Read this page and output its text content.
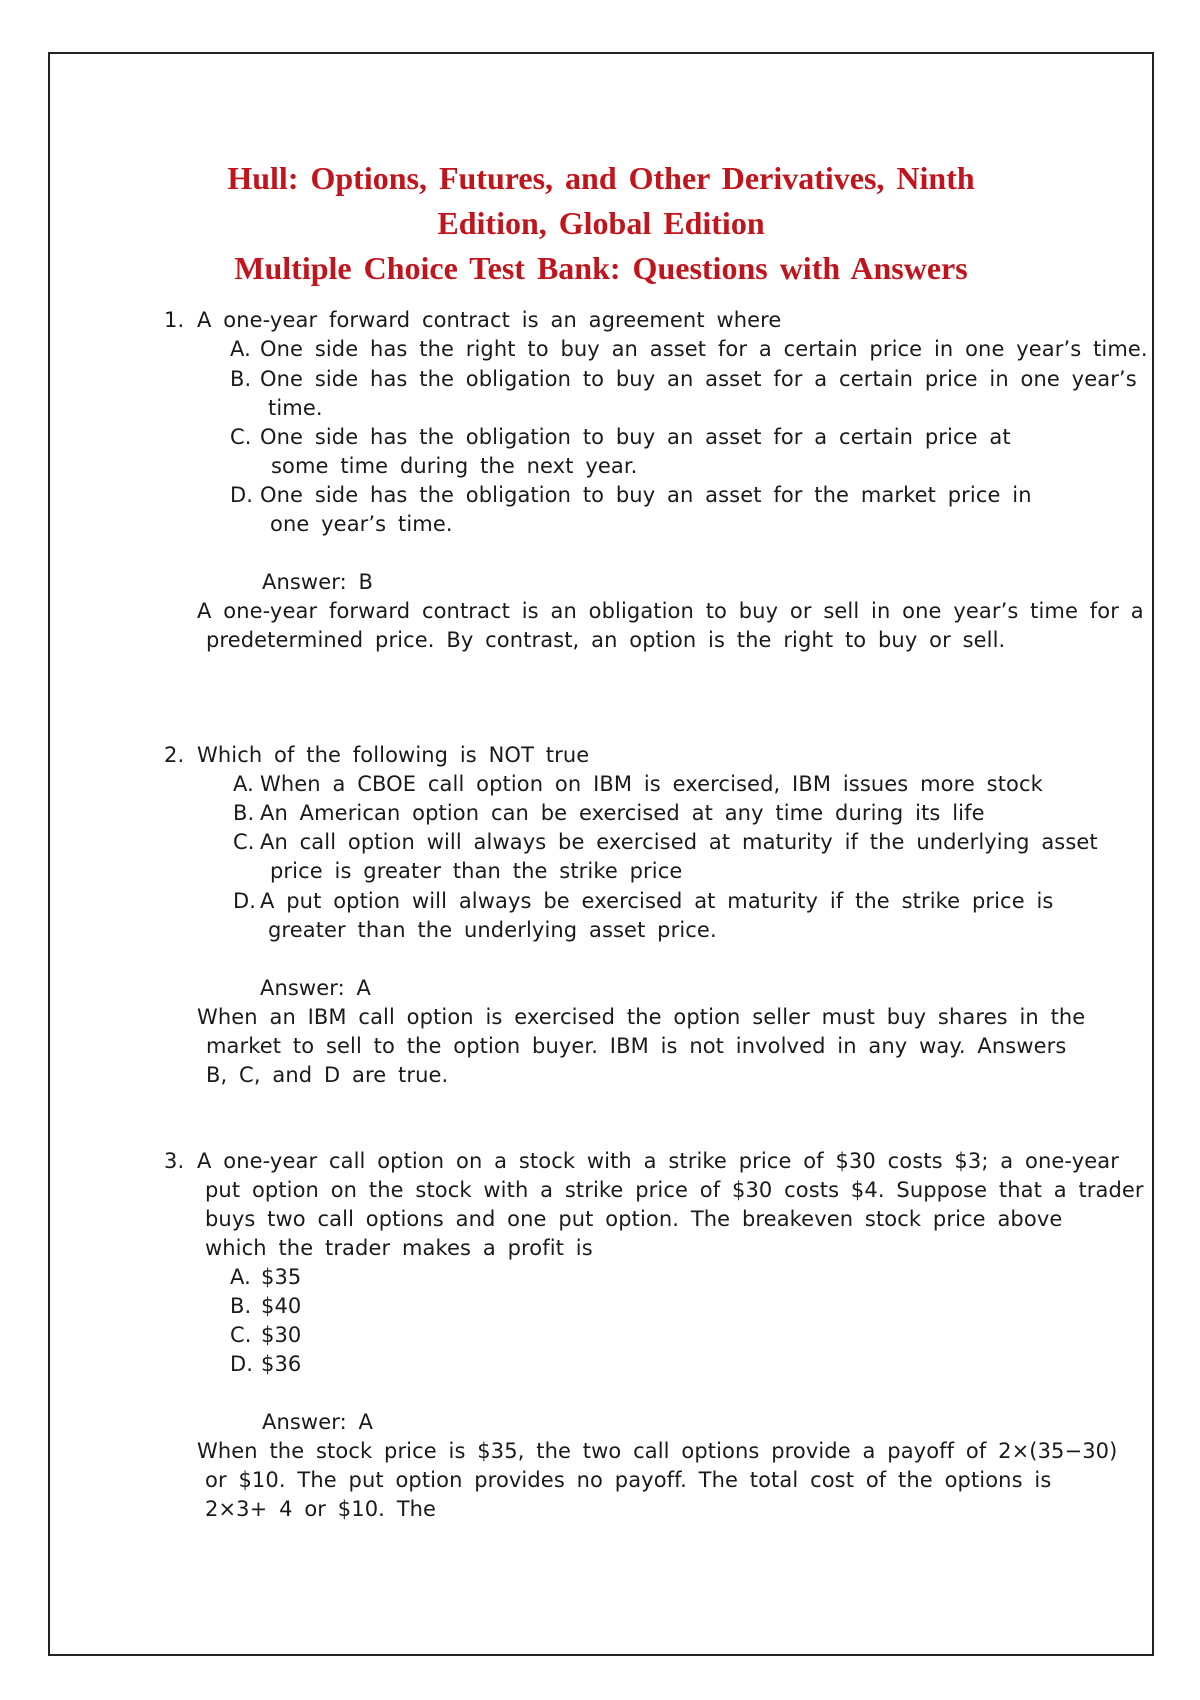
Hull: Options, Futures, and Other Derivatives, Ninth
Edition, Global Edition
Multiple Choice Test Bank: Questions with Answers
1. A one-year forward contract is an agreement where
A. One side has the right to buy an asset for a certain price in one year’s time.
B. One side has the obligation to buy an asset for a certain price in one year’s
time.
C. One side has the obligation to buy an asset for a certain price at
some time during the next year.
D. One side has the obligation to buy an asset for the market price in
one year’s time.
Answer: B
A one-year forward contract is an obligation to buy or sell in one year’s time for a
predetermined price. By contrast, an option is the right to buy or sell.
2. Which of the following is NOT true
A. When a CBOE call option on IBM is exercised, IBM issues more stock
B. An American option can be exercised at any time during its life
C. An call option will always be exercised at maturity if the underlying asset
price is greater than the strike price
D. A put option will always be exercised at maturity if the strike price is
greater than the underlying asset price.
Answer: A
When an IBM call option is exercised the option seller must buy shares in the
market to sell to the option buyer. IBM is not involved in any way. Answers
B, C, and D are true.
3. A one-year call option on a stock with a strike price of $30 costs $3; a one-year
put option on the stock with a strike price of $30 costs $4. Suppose that a trader
buys two call options and one put option. The breakeven stock price above
which the trader makes a profit is
A. $35
B. $40
C. $30
D. $36
Answer: A
When the stock price is $35, the two call options provide a payoff of 2×(35−30)
or $10. The put option provides no payoff. The total cost of the options is
2×3+ 4 or $10. The
